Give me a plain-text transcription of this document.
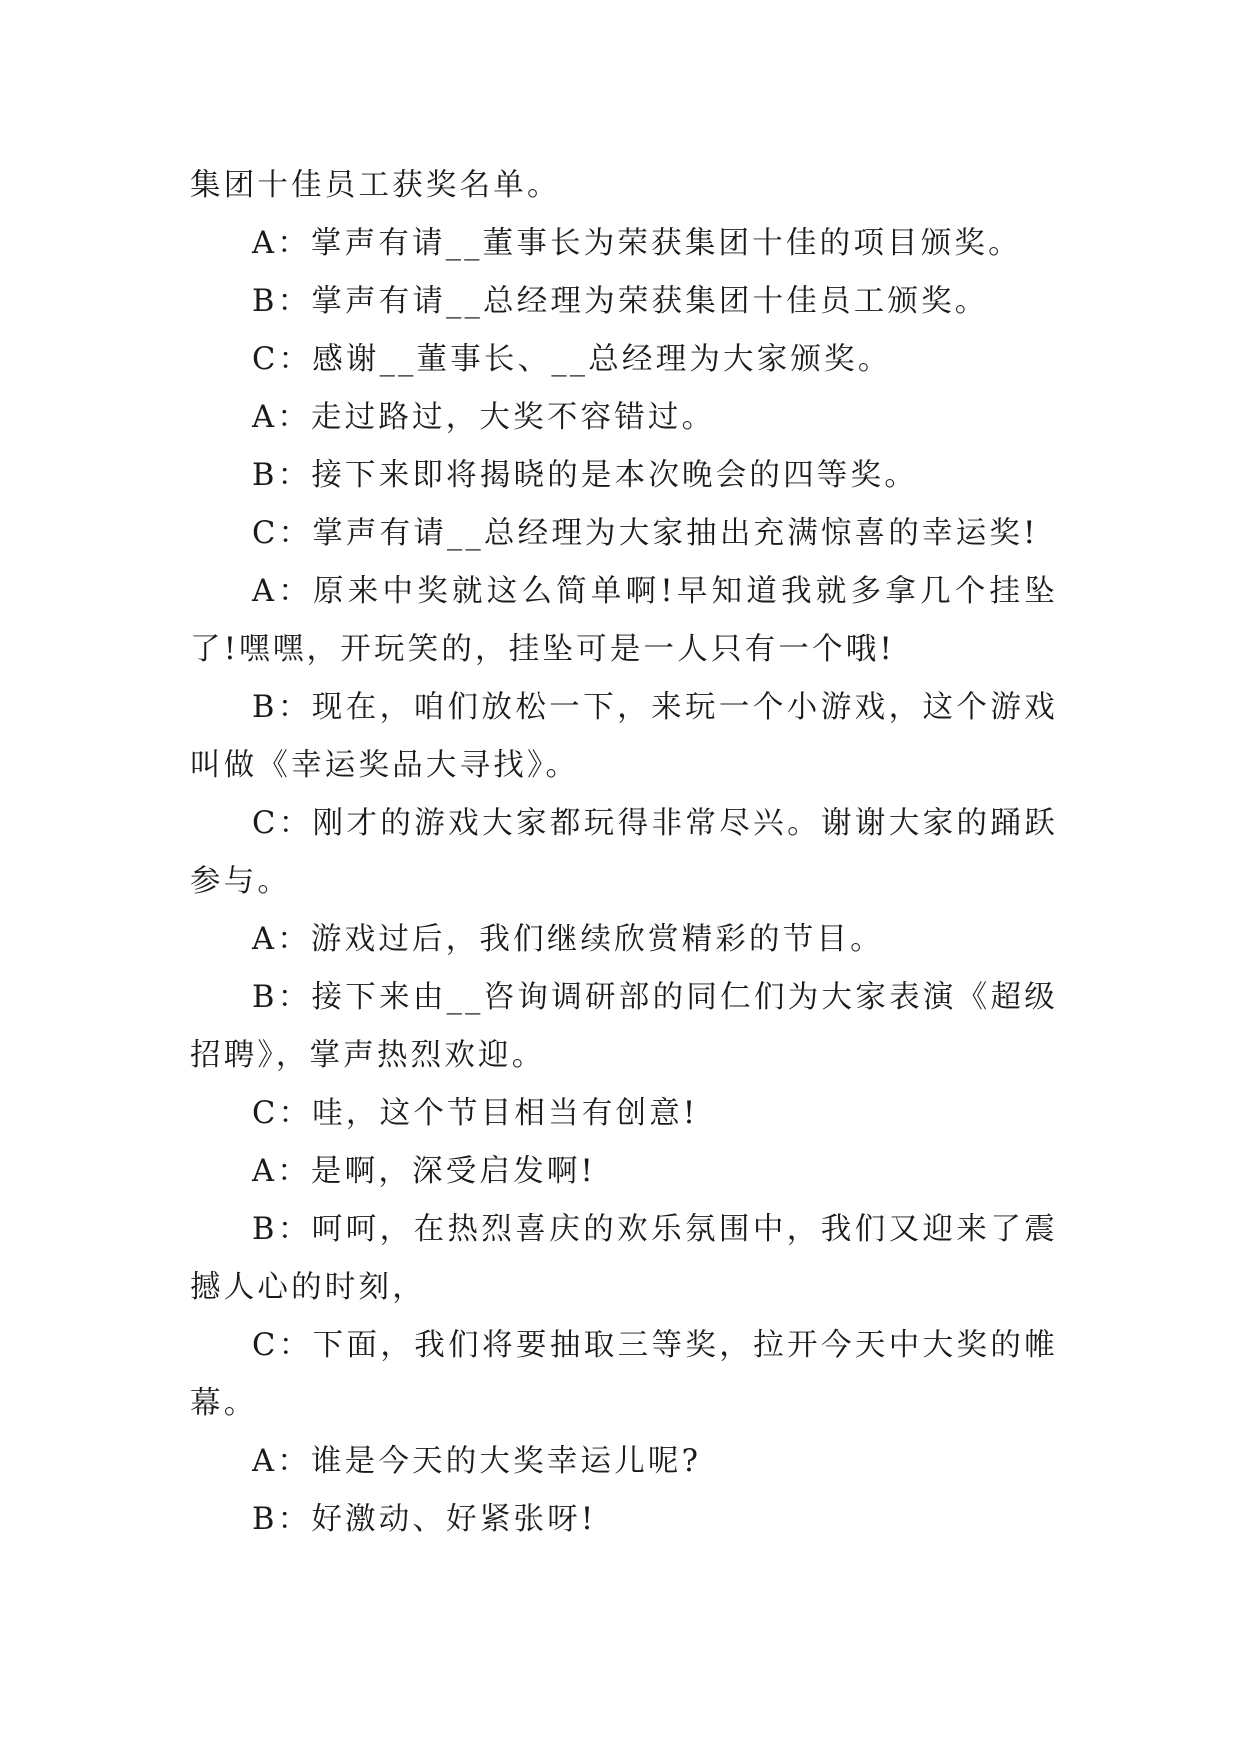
集团十佳员工获奖名单。

A：掌声有请__董事长为荣获集团十佳的项目颁奖。

B：掌声有请__总经理为荣获集团十佳员工颁奖。

C：感谢__董事长、__总经理为大家颁奖。

A：走过路过，大奖不容错过。

B：接下来即将揭晓的是本次晚会的四等奖。

C：掌声有请__总经理为大家抽出充满惊喜的幸运奖!

A：原来中奖就这么简单啊!早知道我就多拿几个挂坠了!嘿嘿，开玩笑的，挂坠可是一人只有一个哦!

B：现在，咱们放松一下，来玩一个小游戏，这个游戏叫做《幸运奖品大寻找》。

C：刚才的游戏大家都玩得非常尽兴。谢谢大家的踊跃参与。

A：游戏过后，我们继续欣赏精彩的节目。

B：接下来由__咨询调研部的同仁们为大家表演《超级招聘》，掌声热烈欢迎。

C：哇，这个节目相当有创意!

A：是啊，深受启发啊!

B：呵呵，在热烈喜庆的欢乐氛围中，我们又迎来了震撼人心的时刻，

C：下面，我们将要抽取三等奖，拉开今天中大奖的帷幕。

A：谁是今天的大奖幸运儿呢?

B：好激动、好紧张呀!
